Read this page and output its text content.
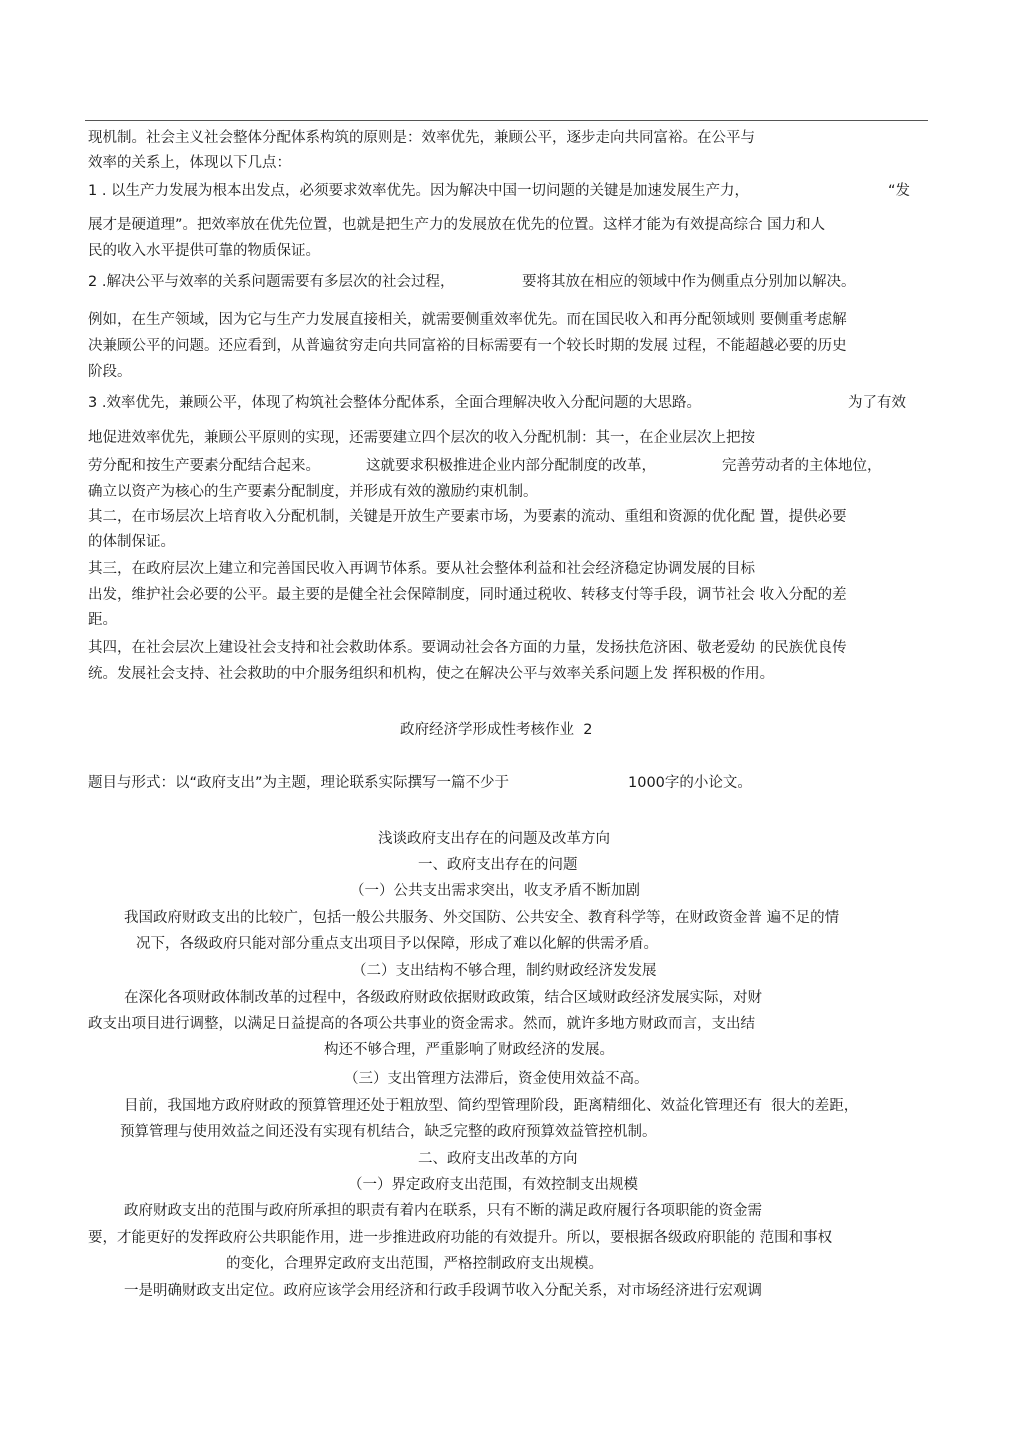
现机制。社会主义社会整体分配体系构筑的原则是：效率优先，兼顾公平，逐步走向共同富裕。在公平与
效率的关系上，体现以下几点：
1 . 以生产力发展为根本出发点，必须要求效率优先。因为解决中国一切问题的关键是加速发展生产力，	“发
展才是硬道理”。把效率放在优先位置，也就是把生产力的发展放在优先的位置。这样才能为有效提高综合 国力和人
民的收入水平提供可靠的物质保证。
2 .解决公平与效率的关系问题需要有多层次的社会过程，	要将其放在相应的领域中作为侧重点分别加以解决。
例如，在生产领域，因为它与生产力发展直接相关，就需要侧重效率优先。而在国民收入和再分配领域则 要侧重考虑解
决兼顾公平的问题。还应看到，从普遍贫穷走向共同富裕的目标需要有一个较长时期的发展 过程，不能超越必要的历史
阶段。
3 .效率优先，兼顾公平，体现了构筑社会整体分配体系，全面合理解决收入分配问题的大思路。	为了有效
地促进效率优先，兼顾公平原则的实现，还需要建立四个层次的收入分配机制：其一，在企业层次上把按
劳分配和按生产要素分配结合起来。	这就要求积极推进企业内部分配制度的改革，	完善劳动者的主体地位，
确立以资产为核心的生产要素分配制度，并形成有效的激励约束机制。
其二，在市场层次上培育收入分配机制，关键是开放生产要素市场，为要素的流动、重组和资源的优化配 置，提供必要
的体制保证。
其三，在政府层次上建立和完善国民收入再调节体系。要从社会整体利益和社会经济稳定协调发展的目标
出发，维护社会必要的公平。最主要的是健全社会保障制度，同时通过税收、转移支付等手段，调节社会 收入分配的差
距。
其四，在社会层次上建设社会支持和社会救助体系。要调动社会各方面的力量，发扬扶危济困、敬老爱幼 的民族优良传
统。发展社会支持、社会救助的中介服务组织和机构，使之在解决公平与效率关系问题上发 挥积极的作用。
政府经济学形成性考核作业  2
题目与形式：以“政府支出”为主题，理论联系实际撰写一篇不少于	1000字的小论文。
浅谈政府支出存在的问题及改革方向
一、政府支出存在的问题
（一）公共支出需求突出，收支矛盾不断加剧
我国政府财政支出的比较广，包括一般公共服务、外交国防、公共安全、教育科学等，在财政资金普 遍不足的情
况下，各级政府只能对部分重点支出项目予以保障，形成了难以化解的供需矛盾。
（二）支出结构不够合理，制约财政经济发发展
在深化各项财政体制改革的过程中，各级政府财政依据财政政策，结合区域财政经济发展实际，对财
政支出项目进行调整，以满足日益提高的各项公共事业的资金需求。然而，就许多地方财政而言，支出结
构还不够合理，严重影响了财政经济的发展。
（三）支出管理方法滞后，资金使用效益不高。
目前，我国地方政府财政的预算管理还处于粗放型、简约型管理阶段，距离精细化、效益化管理还有  很大的差距，
预算管理与使用效益之间还没有实现有机结合，缺乏完整的政府预算效益管控机制。
二、政府支出改革的方向
（一）界定政府支出范围，有效控制支出规模
政府财政支出的范围与政府所承担的职责有着内在联系，只有不断的满足政府履行各项职能的资金需
要，才能更好的发挥政府公共职能作用，进一步推进政府功能的有效提升。所以，要根据各级政府职能的 范围和事权
的变化，合理界定政府支出范围，严格控制政府支出规模。
一是明确财政支出定位。政府应该学会用经济和行政手段调节收入分配关系，对市场经济进行宏观调
